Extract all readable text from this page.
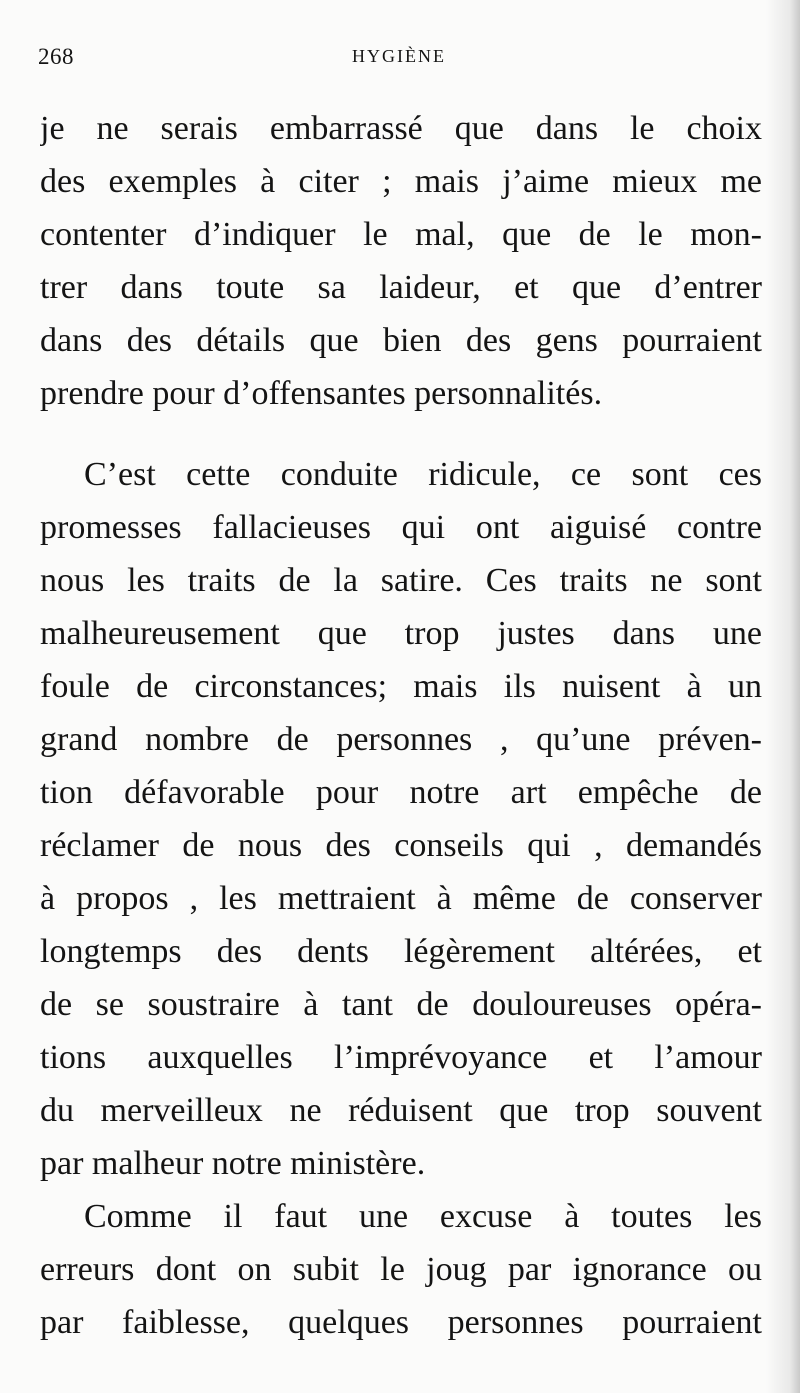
268	HYGIÈNE
je ne serais embarrassé que dans le choix
des exemples à citer ; mais j’aime mieux me
contenter d’indiquer le mal, que de le mon-
trer dans toute sa laideur, et que d’entrer
dans des détails que bien des gens pourraient
prendre pour d’offensantes personnalités.
C’est cette conduite ridicule, ce sont ces
promesses fallacieuses qui ont aiguisé contre
nous les traits de la satire. Ces traits ne sont
malheureusement que trop justes dans une
foule de circonstances; mais ils nuisent à un
grand nombre de personnes , qu’une préven-
tion défavorable pour notre art empêche de
réclamer de nous des conseils qui , demandés
à propos , les mettraient à même de conserver
longtemps des dents légèrement altérées, et
de se soustraire à tant de douloureuses opéra-
tions auxquelles l’imprévoyance et l’amour
du merveilleux ne réduisent que trop souvent
par malheur notre ministère.
Comme il faut une excuse à toutes les
erreurs dont on subit le joug par ignorance ou
par faiblesse, quelques personnes pourraient
